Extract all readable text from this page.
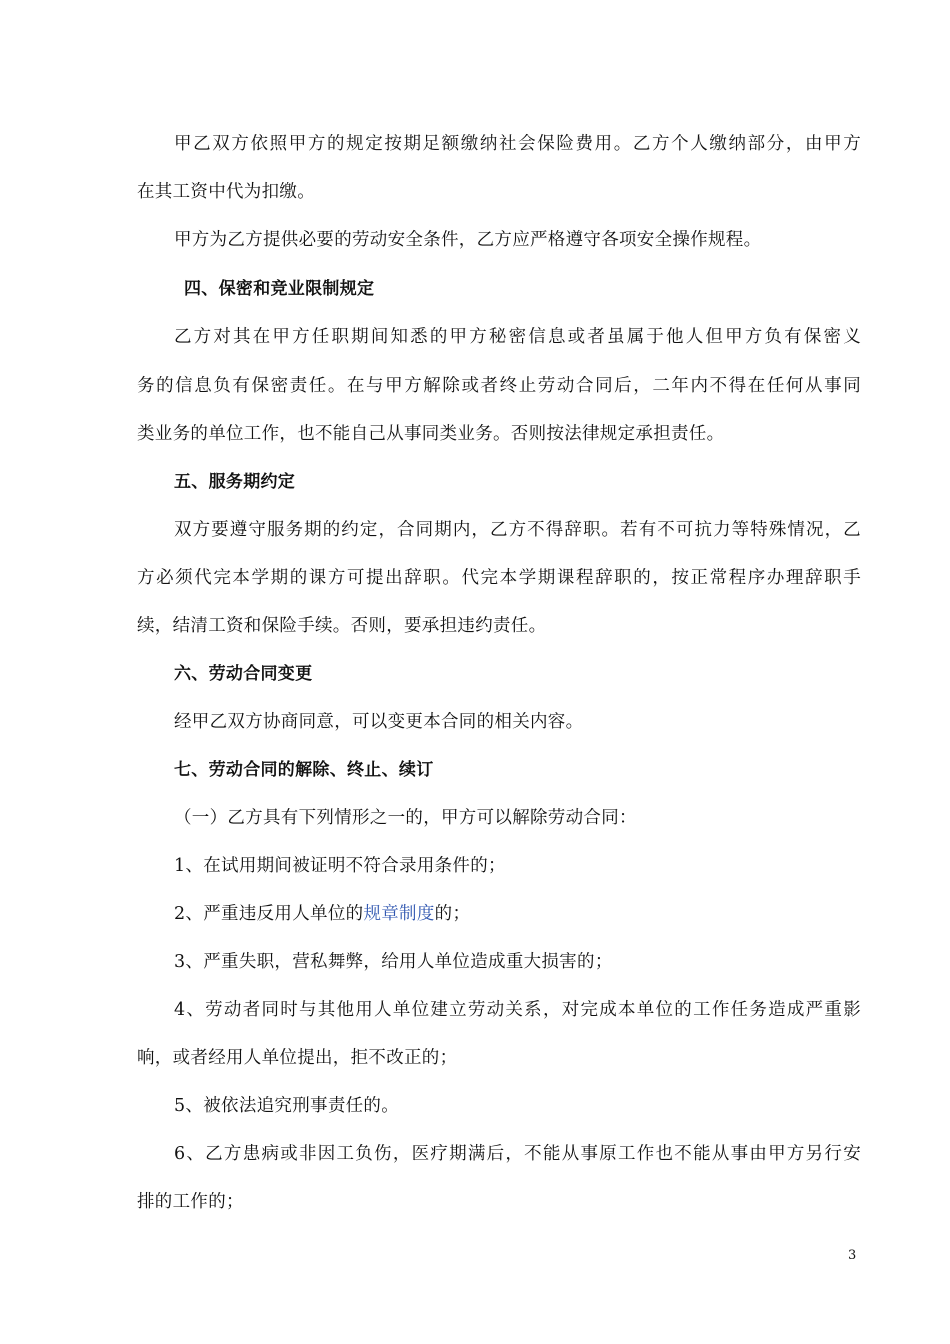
甲乙双方依照甲方的规定按期足额缴纳社会保险费用。乙方个人缴纳部分，由甲方
在其工资中代为扣缴。
甲方为乙方提供必要的劳动安全条件，乙方应严格遵守各项安全操作规程。
四、保密和竞业限制规定
乙方对其在甲方任职期间知悉的甲方秘密信息或者虽属于他人但甲方负有保密义
务的信息负有保密责任。在与甲方解除或者终止劳动合同后，二年内不得在任何从事同
类业务的单位工作，也不能自己从事同类业务。否则按法律规定承担责任。
五、服务期约定
双方要遵守服务期的约定，合同期内，乙方不得辞职。若有不可抗力等特殊情况，乙
方必须代完本学期的课方可提出辞职。代完本学期课程辞职的，按正常程序办理辞职手
续，结清工资和保险手续。否则，要承担违约责任。
六、劳动合同变更
经甲乙双方协商同意，可以变更本合同的相关内容。
七、劳动合同的解除、终止、续订
（一）乙方具有下列情形之一的，甲方可以解除劳动合同：
1、在试用期间被证明不符合录用条件的；
2、严重违反用人单位的规章制度的；
3、严重失职，营私舞弊，给用人单位造成重大损害的；
4、劳动者同时与其他用人单位建立劳动关系，对完成本单位的工作任务造成严重影
响，或者经用人单位提出，拒不改正的；
5、被依法追究刑事责任的。
6、乙方患病或非因工负伤，医疗期满后，不能从事原工作也不能从事由甲方另行安
排的工作的；
3
